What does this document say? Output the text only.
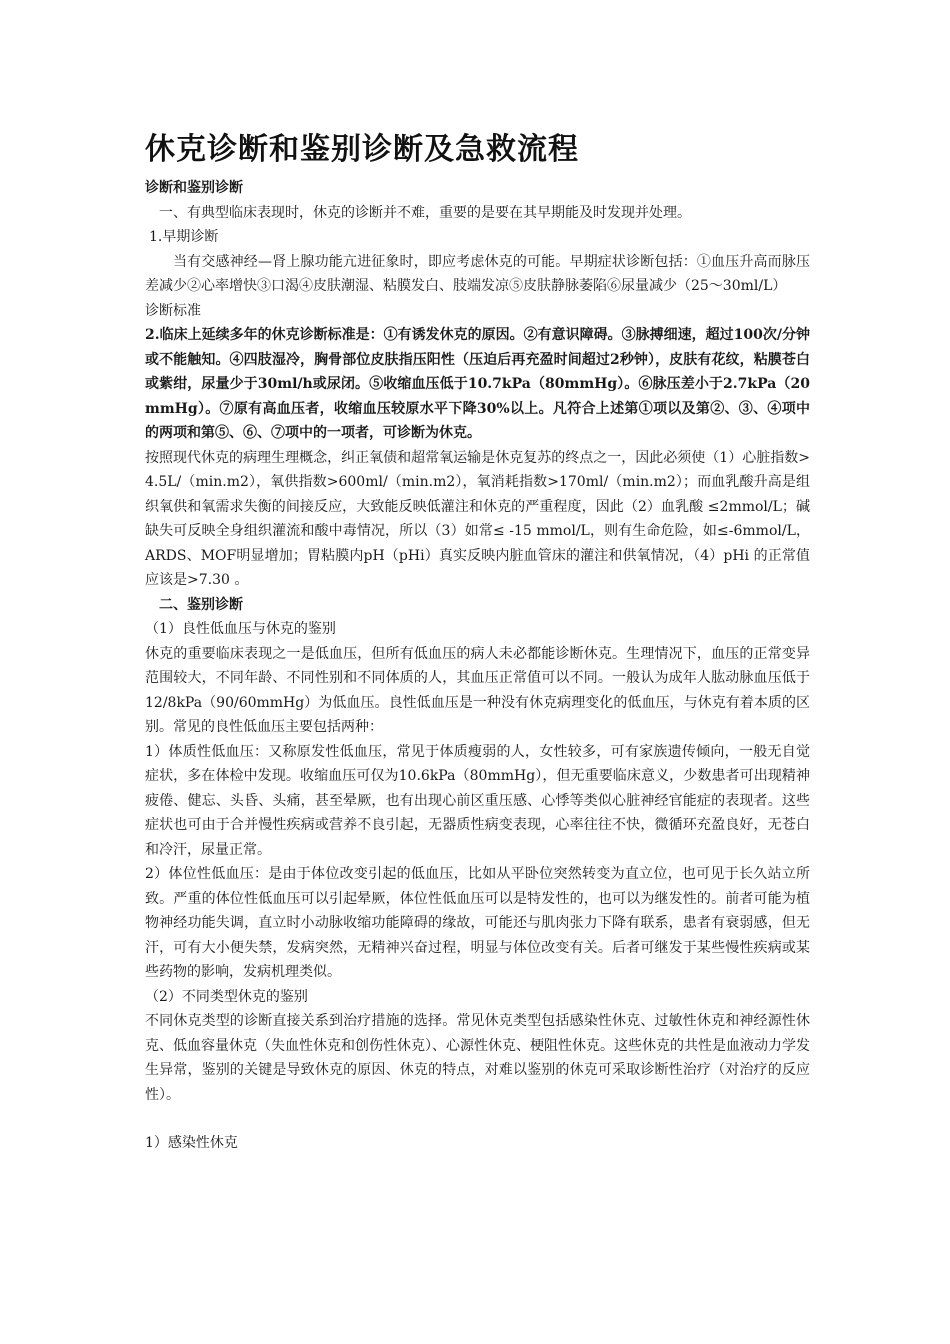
休克诊断和鉴别诊断及急救流程

诊断和鉴别诊断

一、有典型临床表现时，休克的诊断并不难，重要的是要在其早期能及时发现并处理。

1.早期诊断

当有交感神经—肾上腺功能亢进征象时，即应考虑休克的可能。早期症状诊断包括：①血压升高而脉压差减少②心率增快③口渴④皮肤潮湿、粘膜发白、肢端发凉⑤皮肤静脉萎陷⑥尿量减少（25～30ml/L）

诊断标准

2.临床上延续多年的休克诊断标准是：①有诱发休克的原因。②有意识障碍。③脉搏细速，超过100次/分钟或不能触知。④四肢湿冷，胸骨部位皮肤指压阳性（压迫后再充盈时间超过2秒钟），皮肤有花纹，粘膜苍白或紫绀，尿量少于30ml/h或尿闭。⑤收缩血压低于10.7kPa（80mmHg）。⑥脉压差小于2.7kPa（20mmHg）。⑦原有高血压者，收缩血压较原水平下降30%以上。凡符合上述第①项以及第②、③、④项中的两项和第⑤、⑥、⑦项中的一项者，可诊断为休克。

按照现代休克的病理生理概念，纠正氧债和超常氧运输是休克复苏的终点之一，因此必须使（1）心脏指数>4.5L/（min.m2），氧供指数>600ml/（min.m2），氧消耗指数>170ml/（min.m2）；而血乳酸升高是组织氧供和氧需求失衡的间接反应，大致能反映低灌注和休克的严重程度，因此（2）血乳酸 ≤2mmol/L；碱缺失可反映全身组织灌流和酸中毒情况，所以（3）如常≤ -15 mmol/L，则有生命危险，如≤-6mmol/L，ARDS、MOF明显增加；胃粘膜内pH（pHi）真实反映内脏血管床的灌注和供氧情况，（4）pHi 的正常值应该是>7.30 。

二、鉴别诊断

（1）良性低血压与休克的鉴别

休克的重要临床表现之一是低血压，但所有低血压的病人未必都能诊断休克。生理情况下，血压的正常变异范围较大，不同年龄、不同性别和不同体质的人，其血压正常值可以不同。一般认为成年人肱动脉血压低于12/8kPa（90/60mmHg）为低血压。良性低血压是一种没有休克病理变化的低血压，与休克有着本质的区别。常见的良性低血压主要包括两种：

1）体质性低血压：又称原发性低血压，常见于体质瘦弱的人，女性较多，可有家族遗传倾向，一般无自觉症状，多在体检中发现。收缩血压可仅为10.6kPa（80mmHg），但无重要临床意义，少数患者可出现精神疲倦、健忘、头昏、头痛，甚至晕厥，也有出现心前区重压感、心悸等类似心脏神经官能症的表现者。这些症状也可由于合并慢性疾病或营养不良引起，无器质性病变表现，心率往往不快，微循环充盈良好，无苍白和冷汗，尿量正常。

2）体位性低血压：是由于体位改变引起的低血压，比如从平卧位突然转变为直立位，也可见于长久站立所致。严重的体位性低血压可以引起晕厥，体位性低血压可以是特发性的，也可以为继发性的。前者可能为植物神经功能失调，直立时小动脉收缩功能障碍的缘故，可能还与肌肉张力下降有联系，患者有衰弱感，但无汗，可有大小便失禁，发病突然，无精神兴奋过程，明显与体位改变有关。后者可继发于某些慢性疾病或某些药物的影响，发病机理类似。

（2）不同类型休克的鉴别

不同休克类型的诊断直接关系到治疗措施的选择。常见休克类型包括感染性休克、过敏性休克和神经源性休克、低血容量休克（失血性休克和创伤性休克）、心源性休克、梗阻性休克。这些休克的共性是血液动力学发生异常，鉴别的关键是导致休克的原因、休克的特点，对难以鉴别的休克可采取诊断性治疗（对治疗的反应性）。

1）感染性休克
